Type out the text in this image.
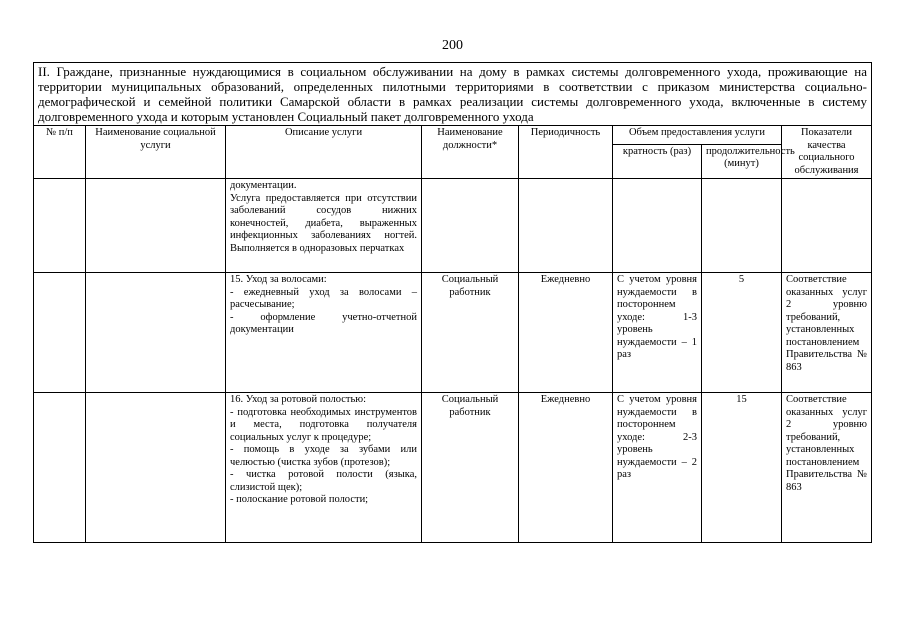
200
II. Граждане, признанные нуждающимися в социальном обслуживании на дому в рамках системы долговременного ухода, проживающие на территории муниципальных образований, определенных пилотными территориями в соответствии с приказом министерства социально-демографической и семейной политики Самарской области в рамках реализации системы долговременного ухода, включенные в систему долговременного ухода и которым установлен Социальный пакет долговременного ухода							
№ п/п	Наименование социальной услуги	Описание услуги	Наименование должности*	Периодичность	Объем предоставления услуги		Показатели качества социального обслуживания
					кратность (раз)	продолжительность (минут)	
		документации.
Услуга предоставляется при отсутствии заболеваний сосудов нижних конечностей, диабета, выраженных инфекционных заболеваниях ногтей. Выполняется в одноразовых перчатках					
		15. Уход за волосами:
- ежедневный уход за волосами – расчесывание;
- оформление учетно-отчетной документации	Социальный работник	Ежедневно	С учетом уровня нуждаемости в постороннем уходе: 1-3 уровень нуждаемости – 1 раз	5	Соответствие оказанных услуг 2 уровню требований, установленных постановлением Правительства № 863
		16. Уход за ротовой полостью:
- подготовка необходимых инструментов и места, подготовка получателя социальных услуг к процедуре;
- помощь в уходе за зубами или челюстью (чистка зубов (протезов);
- чистка ротовой полости (языка, слизистой щек);
- полоскание ротовой полости;	Социальный работник	Ежедневно	С учетом уровня нуждаемости в постороннем уходе: 2-3 уровень нуждаемости – 2 раз	15	Соответствие оказанных услуг 2 уровню требований, установленных постановлением Правительства № 863
